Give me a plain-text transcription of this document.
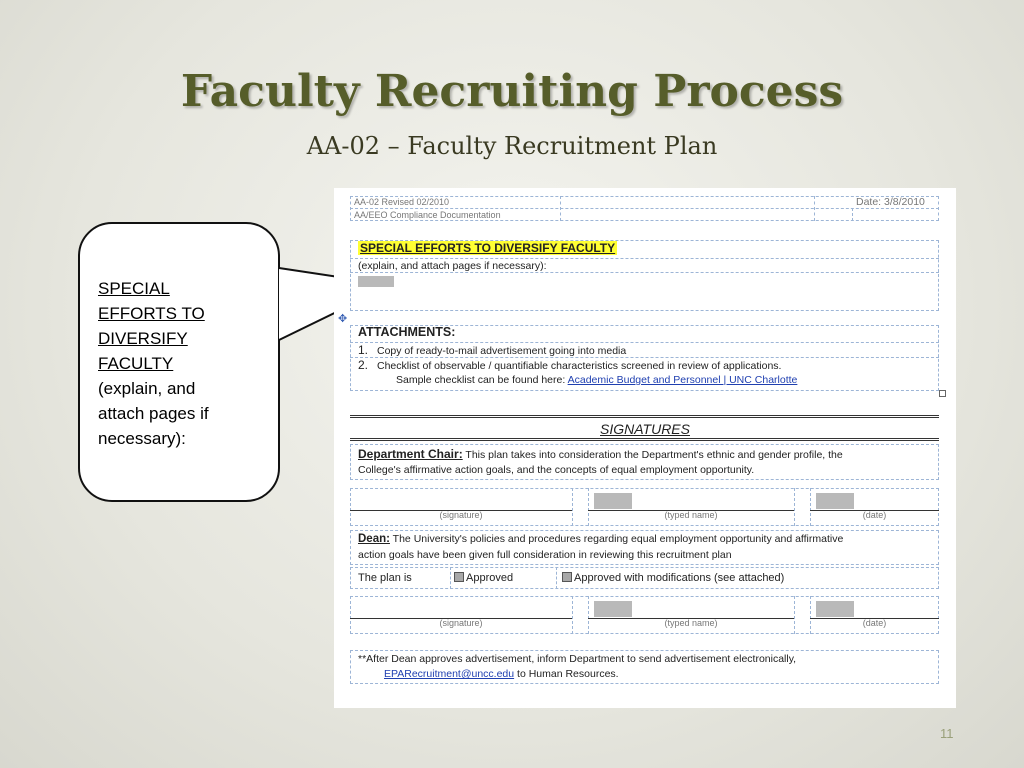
Faculty Recruiting Process
AA-02 – Faculty Recruitment Plan
SPECIAL
EFFORTS TO
DIVERSIFY
FACULTY
(explain, and
attach pages if
necessary):
AA-02 Revised 02/2010	Date: 3/8/2010
AA/EEO Compliance Documentation
SPECIAL EFFORTS TO DIVERSIFY FACULTY
(explain, and attach pages if necessary):
✥
ATTACHMENTS:
1. Copy of ready-to-mail advertisement going into media
2. Checklist of observable / quantifiable characteristics screened in review of applications.
Sample checklist can be found here: Academic Budget and Personnel | UNC Charlotte
SIGNATURES
Department Chair: This plan takes into consideration the Department's ethnic and gender profile, the
College's affirmative action goals, and the concepts of equal employment opportunity.
(signature)	(typed name)	(date)
Dean: The University's policies and procedures regarding equal employment opportunity and affirmative
action goals have been given full consideration in reviewing this recruitment plan
The plan is	Approved	Approved with modifications (see attached)
(signature)	(typed name)	(date)
**After Dean approves advertisement, inform Department to send advertisement electronically,
EPARecruitment@uncc.edu to Human Resources.
11
